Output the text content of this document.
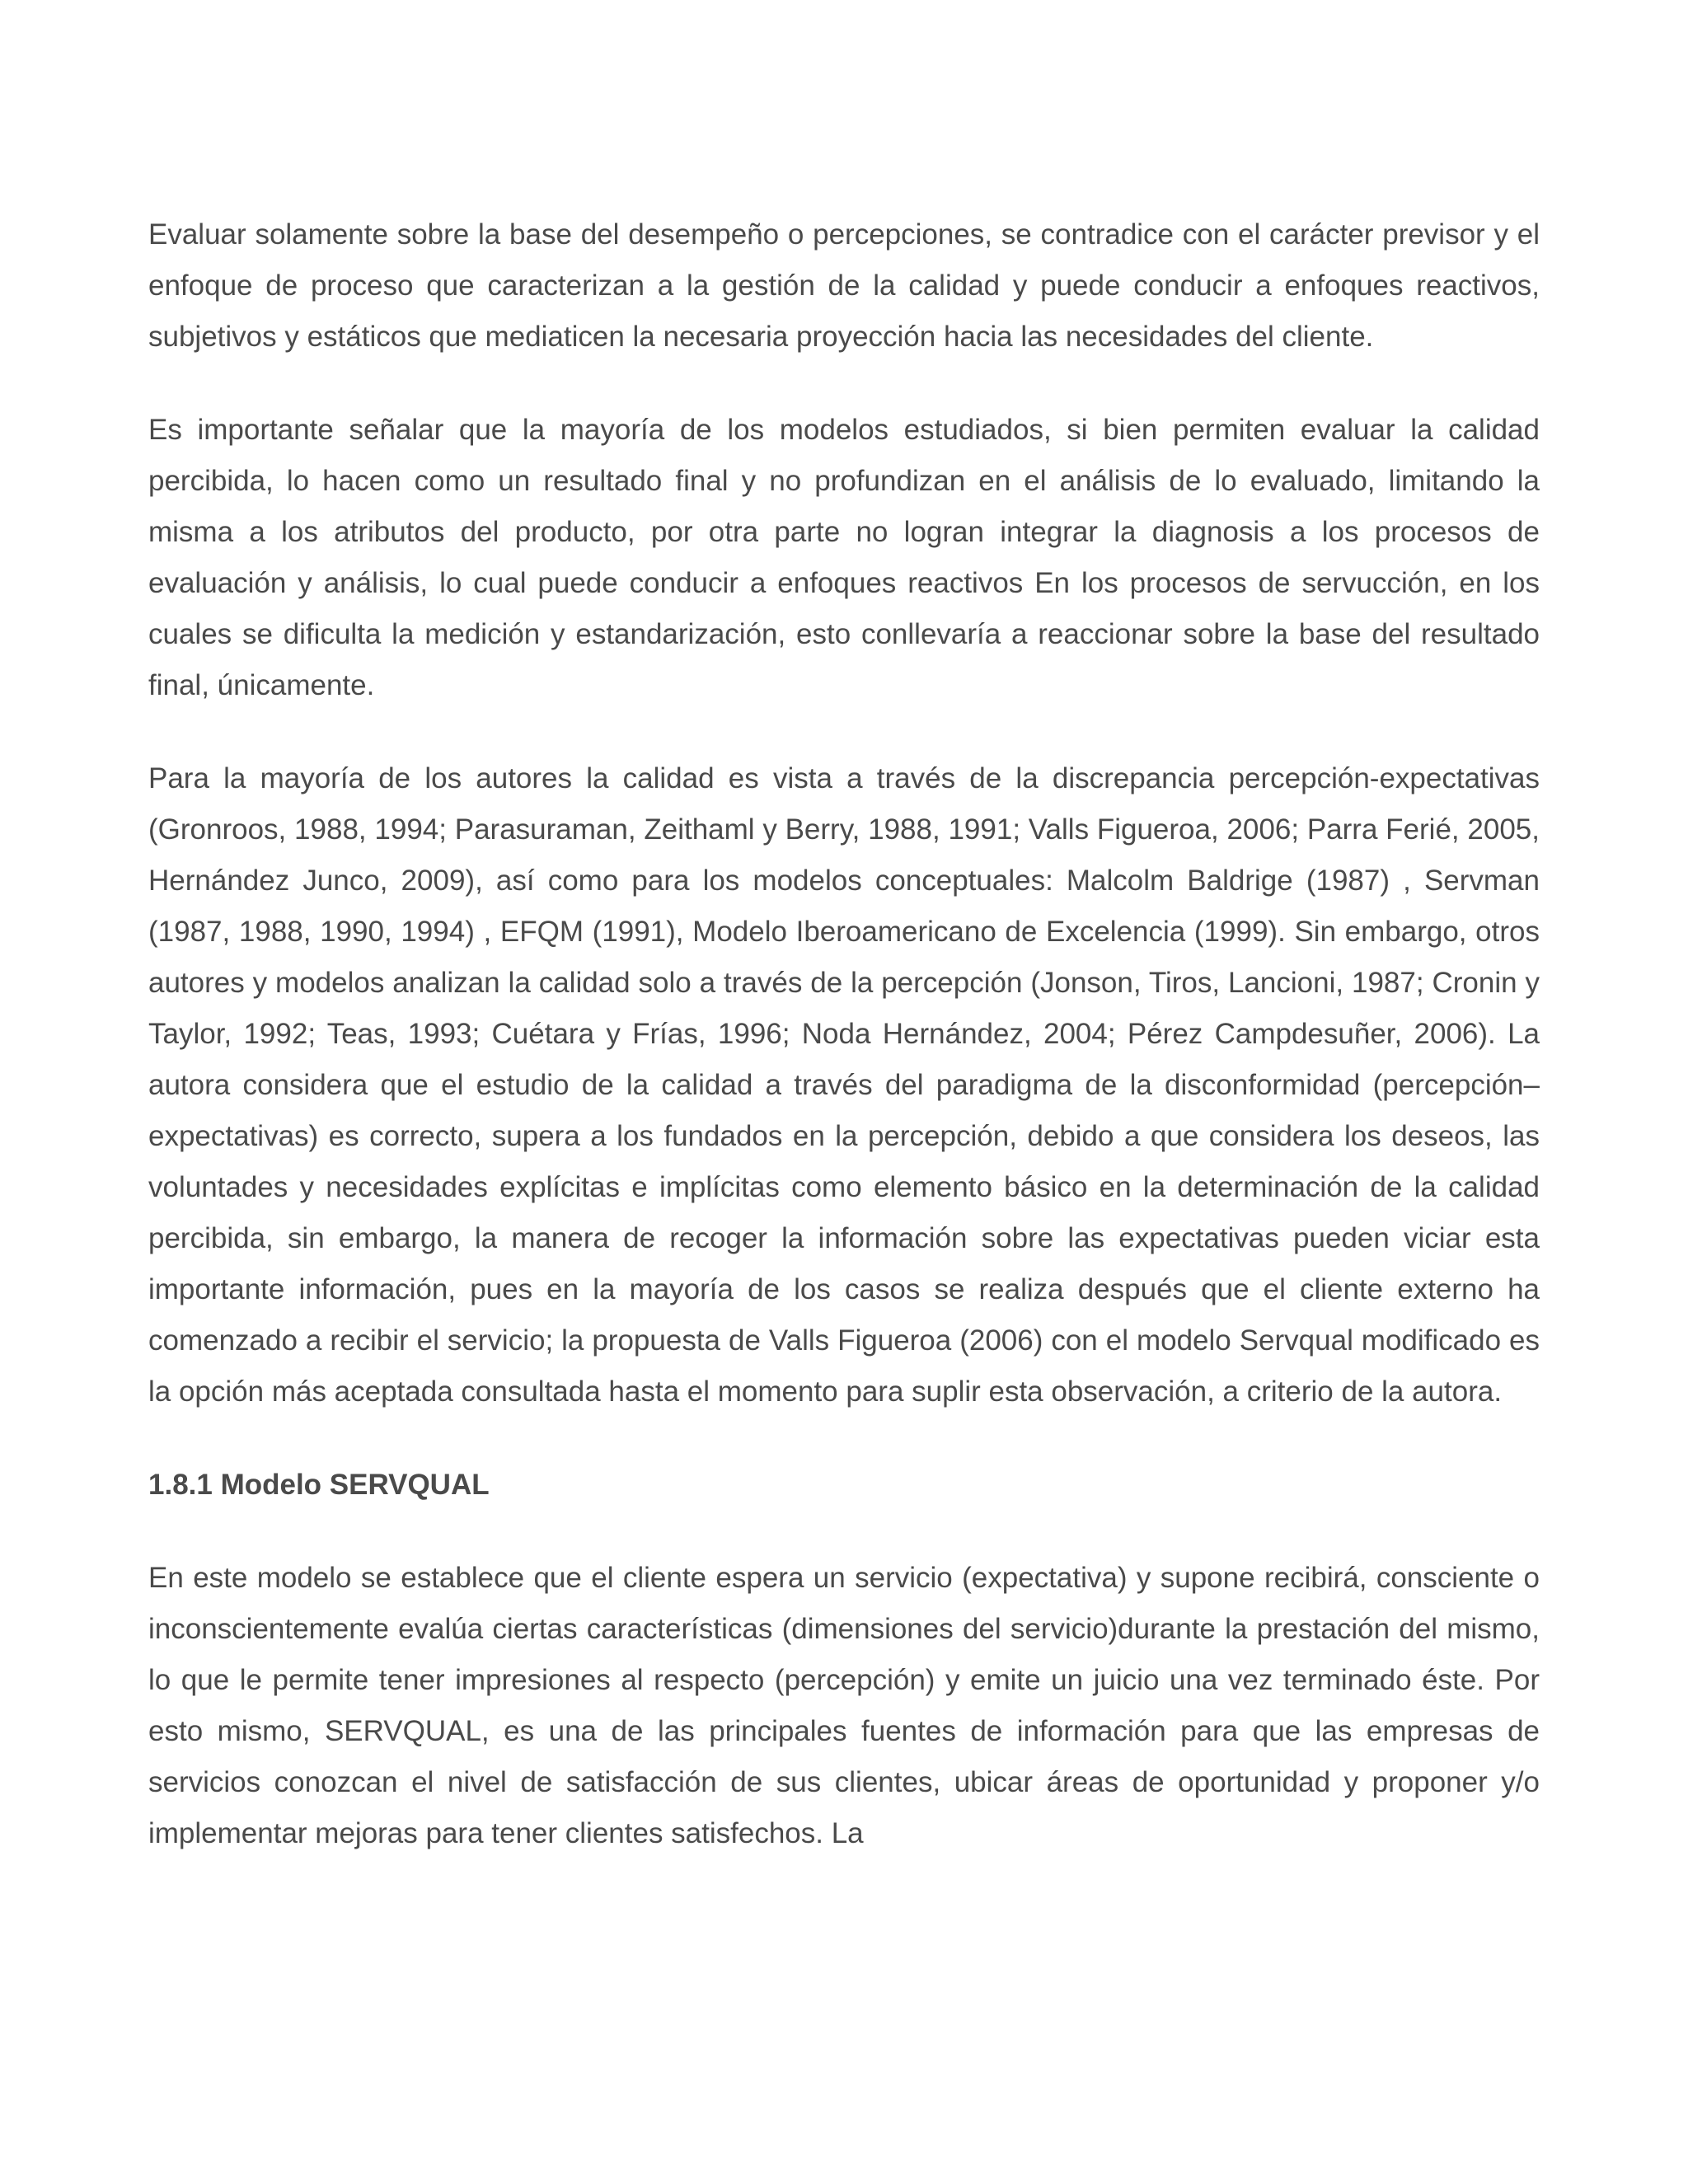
Evaluar solamente sobre la base del desempeño o percepciones, se contradice con el carácter previsor y el enfoque de proceso que caracterizan a la gestión de la calidad y puede conducir a enfoques reactivos, subjetivos y estáticos que mediaticen la necesaria proyección hacia las necesidades del cliente.

Es importante señalar que la mayoría de los modelos estudiados, si bien permiten evaluar la calidad percibida, lo hacen como un resultado final y no profundizan en el análisis de lo evaluado, limitando la misma a los atributos del producto, por otra parte no logran integrar la diagnosis a los procesos de evaluación y análisis, lo cual puede conducir a enfoques reactivos En los procesos de servucción, en los cuales se dificulta la medición y estandarización, esto conllevaría a reaccionar sobre la base del resultado final, únicamente.

Para la mayoría de los autores la calidad es vista a través de la discrepancia percepción-expectativas (Gronroos, 1988, 1994; Parasuraman, Zeithaml y Berry, 1988, 1991; Valls Figueroa, 2006; Parra Ferié, 2005, Hernández Junco, 2009), así como para los modelos conceptuales: Malcolm Baldrige (1987) , Servman (1987, 1988, 1990, 1994) , EFQM (1991), Modelo Iberoamericano de Excelencia (1999). Sin embargo, otros autores y modelos analizan la calidad solo a través de la percepción (Jonson, Tiros, Lancioni, 1987; Cronin y Taylor, 1992; Teas, 1993; Cuétara y Frías, 1996; Noda Hernández, 2004; Pérez Campdesuñer, 2006). La autora considera que el estudio de la calidad a través del paradigma de la disconformidad (percepción–expectativas) es correcto, supera a los fundados en la percepción, debido a que considera los deseos, las voluntades y necesidades explícitas e implícitas como elemento básico en la determinación de la calidad percibida, sin embargo, la manera de recoger la información sobre las expectativas pueden viciar esta importante información, pues en la mayoría de los casos se realiza después que el cliente externo ha comenzado a recibir el servicio; la propuesta de Valls Figueroa (2006) con el modelo Servqual modificado es la opción más aceptada consultada hasta el momento para suplir esta observación, a criterio de la autora.

1.8.1 Modelo SERVQUAL

En este modelo se establece que el cliente espera un servicio (expectativa) y supone recibirá, consciente o inconscientemente evalúa ciertas características (dimensiones del servicio)durante la prestación del mismo, lo que le permite tener impresiones al respecto (percepción) y emite un juicio una vez terminado éste. Por esto mismo, SERVQUAL, es una de las principales fuentes de información para que las empresas de servicios conozcan el nivel de satisfacción de sus clientes, ubicar áreas de oportunidad y proponer y/o implementar mejoras para tener clientes satisfechos. La
